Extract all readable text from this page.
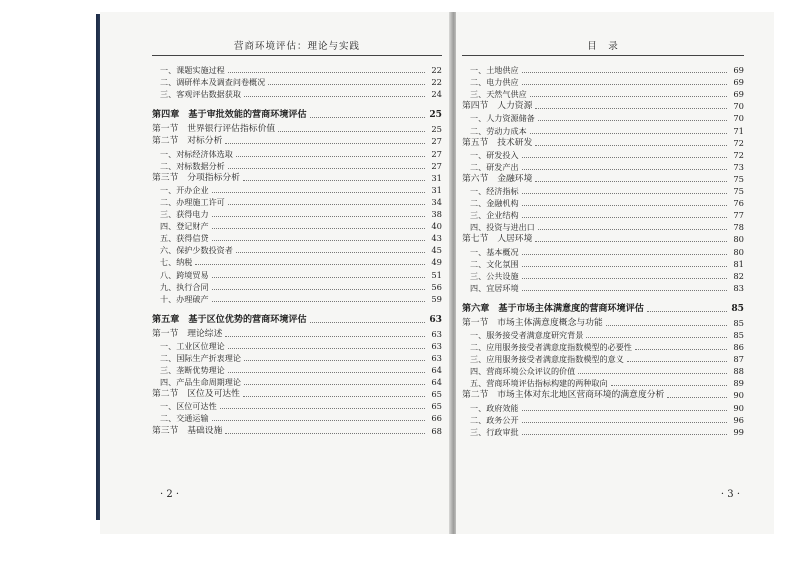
营商环境评估：理论与实践
一、课题实施过程	22
二、调研样本及调查问卷概况	22
三、客观评估数据获取	24
第四章　基于审批效能的营商环境评估	25
第一节　世界银行评估指标价值	25
第二节　对标分析	27
一、对标经济体选取	27
二、对标数据分析	27
第三节　分项指标分析	31
一、开办企业	31
二、办理施工许可	34
三、获得电力	38
四、登记财产	40
五、获得信贷	43
六、保护少数投资者	45
七、纳税	49
八、跨境贸易	51
九、执行合同	56
十、办理破产	59
第五章　基于区位优势的营商环境评估	63
第一节　理论综述	63
一、工业区位理论	63
二、国际生产折衷理论	63
三、垄断优势理论	64
四、产品生命周期理论	64
第二节　区位及可达性	65
一、区位可达性	65
二、交通运输	66
第三节　基础设施	68
· 2 ·
目　录
一、土地供应	69
二、电力供应	69
三、天然气供应	69
第四节　人力资源	70
一、人力资源储备	70
二、劳动力成本	71
第五节　技术研发	72
一、研发投入	72
二、研发产出	73
第六节　金融环境	75
一、经济指标	75
二、金融机构	76
三、企业结构	77
四、投资与进出口	78
第七节　人居环境	80
一、基本概况	80
二、文化氛围	81
三、公共设施	82
四、宜居环境	83
第六章　基于市场主体满意度的营商环境评估	85
第一节　市场主体满意度概念与功能	85
一、服务接受者满意度研究背景	85
二、应用服务接受者满意度指数模型的必要性	86
三、应用服务接受者满意度指数模型的意义	87
四、营商环境公众评议的价值	88
五、营商环境评估指标构建的两种取向	89
第二节　市场主体对东北地区营商环境的满意度分析	90
一、政府效能	90
二、政务公开	96
三、行政审批	99
· 3 ·
